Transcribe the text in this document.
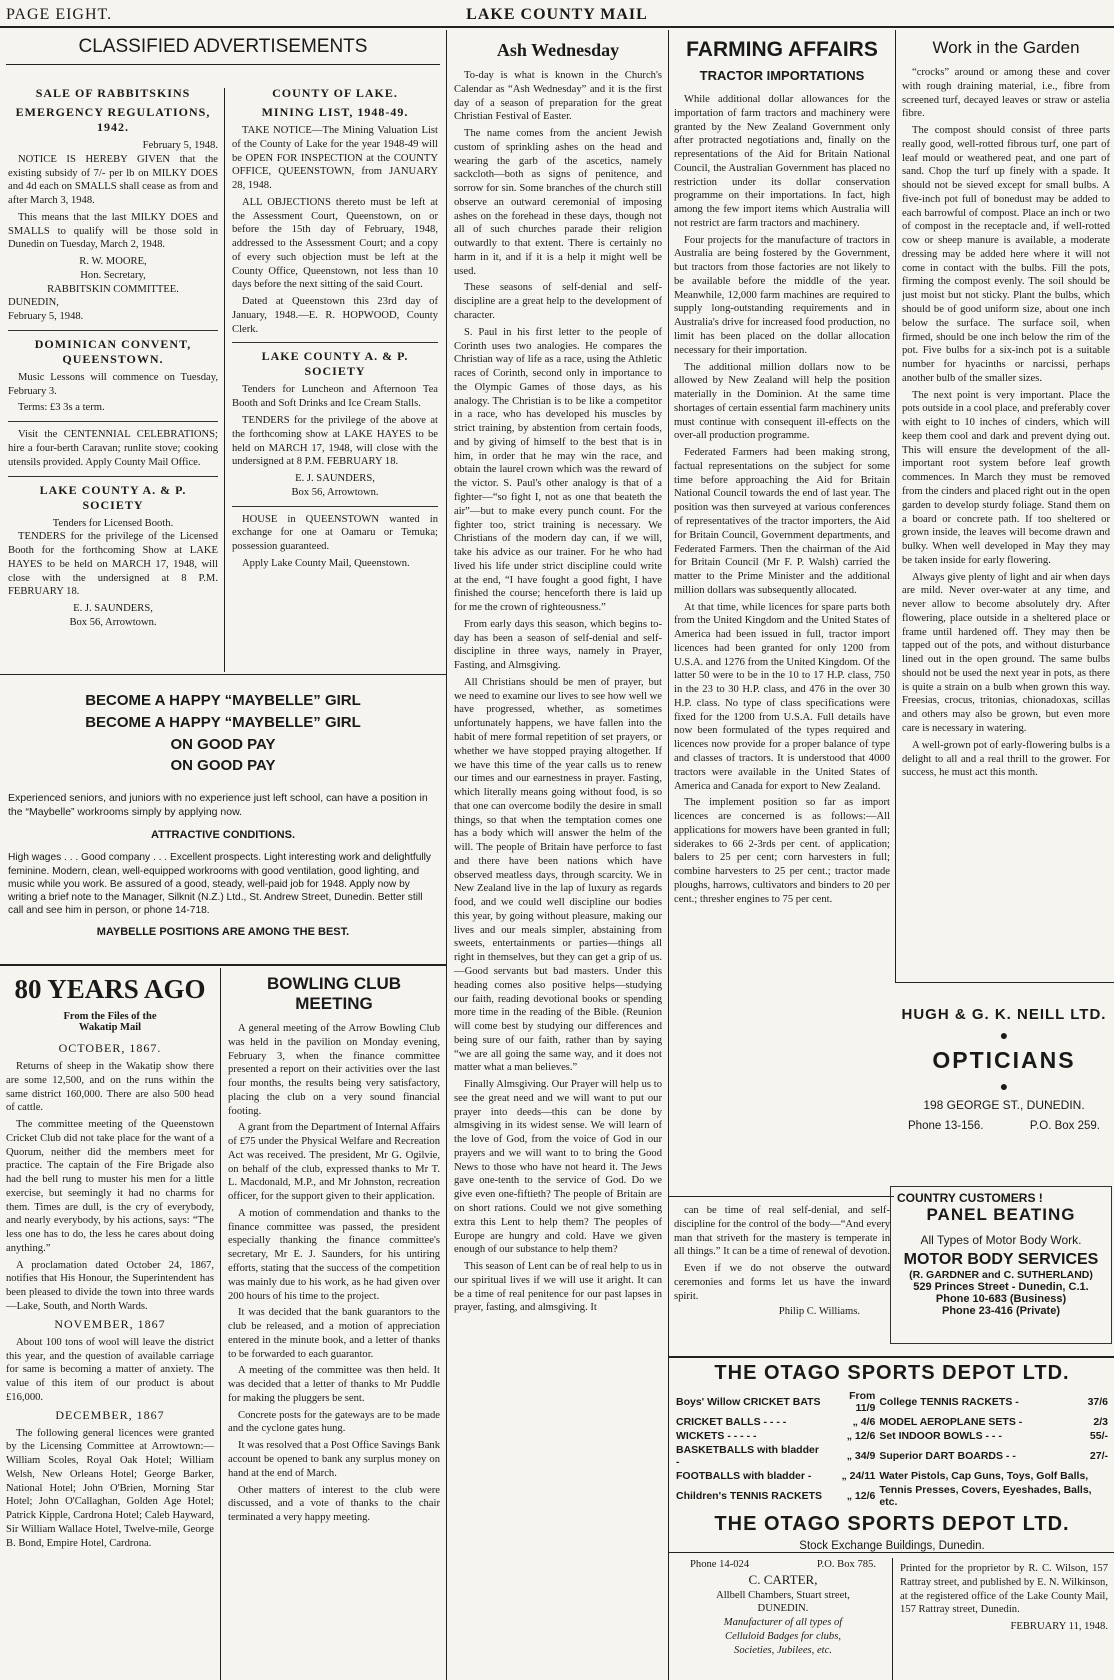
PAGE EIGHT.	LAKE COUNTY MAIL
CLASSIFIED ADVERTISEMENTS
SALE OF RABBITSKINS
EMERGENCY REGULATIONS, 1942.
February 5, 1948.
NOTICE IS HEREBY GIVEN that the existing subsidy of 7/- per lb on MILKY DOES and 4d each on SMALLS shall cease as from and after March 3, 1948.
This means that the last MILKY DOES and SMALLS to qualify will be those sold in Dunedin on Tuesday, March 2, 1948.
R. W. MOORE,
Hon. Secretary,
RABBITSKIN COMMITTEE.
DUNEDIN,
February 5, 1948.
DOMINICAN CONVENT, QUEENSTOWN.
Music Lessons will commence on Tuesday, February 3.
Terms: £3 3s a term.
Visit the CENTENNIAL CELEBRATIONS; hire a four-berth Caravan; runlite stove; cooking utensils provided. Apply County Mail Office.
LAKE COUNTY A. & P. SOCIETY
Tenders for Licensed Booth.
TENDERS for the privilege of the Licensed Booth for the forthcoming Show at LAKE HAYES to be held on MARCH 17, 1948, will close with the undersigned at 8 P.M. FEBRUARY 18.
E. J. SAUNDERS,
Box 56, Arrowtown.
COUNTY OF LAKE.
MINING LIST, 1948-49.
TAKE NOTICE—The Mining Valuation List of the County of Lake for the year 1948-49 will be OPEN FOR INSPECTION at the COUNTY OFFICE, QUEENSTOWN, from JANUARY 28, 1948.
ALL OBJECTIONS thereto must be left at the Assessment Court, Queenstown, on or before the 15th day of February, 1948, addressed to the Assessment Court; and a copy of every such objection must be left at the County Office, Queenstown, not less than 10 days before the next sitting of the said Court.
Dated at Queenstown this 23rd day of January, 1948.—E. R. HOPWOOD, County Clerk.
LAKE COUNTY A. & P. SOCIETY
Tenders for Luncheon and Afternoon Tea Booth and Soft Drinks and Ice Cream Stalls.
TENDERS for the privilege of the above at the forthcoming show at LAKE HAYES to be held on MARCH 17, 1948, will close with the undersigned at 8 P.M. FEBRUARY 18.
E. J. SAUNDERS,
Box 56, Arrowtown.
HOUSE in QUEENSTOWN wanted in exchange for one at Oamaru or Temuka; possession guaranteed.
Apply Lake County Mail, Queenstown.
BECOME A HAPPY “MAYBELLE” GIRL
BECOME A HAPPY “MAYBELLE” GIRL
ON GOOD PAY
ON GOOD PAY
Experienced seniors, and juniors with no experience just left school, can have a position in the “Maybelle” workrooms simply by applying now.
ATTRACTIVE CONDITIONS.
High wages . . . Good company . . . Excellent prospects. Light interesting work and delightfully feminine. Modern, clean, well-equipped workrooms with good ventilation, good lighting, and music while you work. Be assured of a good, steady, well-paid job for 1948. Apply now by writing a brief note to the Manager, Silknit (N.Z.) Ltd., St. Andrew Street, Dunedin. Better still call and see him in person, or phone 14-718.
MAYBELLE POSITIONS ARE AMONG THE BEST.
80 YEARS AGO
From the Files of the Wakatip Mail
OCTOBER, 1867.
Returns of sheep in the Wakatip show there are some 12,500, and on the runs within the same district 160,000. There are also 500 head of cattle.
The committee meeting of the Queenstown Cricket Club did not take place for the want of a Quorum, neither did the members meet for practice. The captain of the Fire Brigade also had the bell rung to muster his men for a little exercise, but seemingly it had no charms for them. Times are dull, is the cry of everybody, and nearly everybody, by his actions, says: “The less one has to do, the less he cares about doing anything.”
A proclamation dated October 24, 1867, notifies that His Honour, the Superintendent has been pleased to divide the town into three wards—Lake, South, and North Wards.
NOVEMBER, 1867
About 100 tons of wool will leave the district this year, and the question of available carriage for same is becoming a matter of anxiety. The value of this item of our product is about £16,000.
DECEMBER, 1867
The following general licences were granted by the Licensing Committee at Arrowtown:—William Scoles, Royal Oak Hotel; William Welsh, New Orleans Hotel; George Barker, National Hotel; John O'Brien, Morning Star Hotel; John O'Callaghan, Golden Age Hotel; Patrick Kipple, Cardrona Hotel; Caleb Hayward, Sir William Wallace Hotel, Twelve-mile, George B. Bond, Empire Hotel, Cardrona.
BOWLING CLUB MEETING
A general meeting of the Arrow Bowling Club was held in the pavilion on Monday evening, February 3, when the finance committee presented a report on their activities over the last four months, the results being very satisfactory, placing the club on a very sound financial footing.
A grant from the Department of Internal Affairs of £75 under the Physical Welfare and Recreation Act was received. The president, Mr G. Ogilvie, on behalf of the club, expressed thanks to Mr T. L. Macdonald, M.P., and Mr Johnston, recreation officer, for the support given to their application.
A motion of commendation and thanks to the finance committee was passed, the president especially thanking the finance committee's secretary, Mr E. J. Saunders, for his untiring efforts, stating that the success of the competition was mainly due to his work, as he had given over 200 hours of his time to the project.
It was decided that the bank guarantors to the club be released, and a motion of appreciation entered in the minute book, and a letter of thanks to be forwarded to each guarantor.
A meeting of the committee was then held. It was decided that a letter of thanks to Mr Puddle for making the pluggers be sent.
Concrete posts for the gateways are to be made and the cyclone gates hung.
It was resolved that a Post Office Savings Bank account be opened to bank any surplus money on hand at the end of March.
Other matters of interest to the club were discussed, and a vote of thanks to the chair terminated a very happy meeting.
Ash Wednesday
To-day is what is known in the Church's Calendar as “Ash Wednesday” and it is the first day of a season of preparation for the great Christian Festival of Easter.
The name comes from the ancient Jewish custom of sprinkling ashes on the head and wearing the garb of the ascetics, namely sackcloth—both as signs of penitence, and sorrow for sin. Some branches of the church still observe an outward ceremonial of imposing ashes on the forehead in these days, though not all of such churches parade their religion outwardly to that extent. There is certainly no harm in it, and if it is a help it might well be used.
These seasons of self-denial and self-discipline are a great help to the development of character.
S. Paul in his first letter to the people of Corinth uses two analogies. He compares the Christian way of life as a race, using the Athletic races of Corinth, second only in importance to the Olympic Games of those days, as his analogy. The Christian is to be like a competitor in a race, who has developed his muscles by strict training, by abstention from certain foods, and by giving of himself to the best that is in him, in order that he may win the race, and obtain the laurel crown which was the reward of the victor. S. Paul's other analogy is that of a fighter—“so fight I, not as one that beateth the air”—but to make every punch count. For the fighter too, strict training is necessary. We Christians of the modern day can, if we will, take his advice as our trainer. For he who had lived his life under strict discipline could write at the end, “I have fought a good fight, I have finished the course; henceforth there is laid up for me the crown of righteousness.”
From early days this season, which begins to-day has been a season of self-denial and self-discipline in three ways, namely in Prayer, Fasting, and Almsgiving.
All Christians should be men of prayer, but we need to examine our lives to see how well we have progressed, whether, as sometimes unfortunately happens, we have fallen into the habit of mere formal repetition of set prayers, or whether we have stopped praying altogether. If we have this time of the year calls us to renew our times and our earnestness in prayer. Fasting, which literally means going without food, is so that one can overcome bodily the desire in small things, so that when the temptation comes one has a body which will answer the helm of the will. The people of Britain have perforce to fast and there have been nations which have observed meatless days, through scarcity. We in New Zealand live in the lap of luxury as regards food, and we could well discipline our bodies this year, by going without pleasure, making our lives and our meals simpler, abstaining from sweets, entertainments or parties—things all right in themselves, but they can get a grip of us.—Good servants but bad masters. Under this heading comes also positive helps—studying our faith, reading devotional books or spending more time in the reading of the Bible. (Reunion will come best by studying our differences and being sure of our faith, rather than by saying “we are all going the same way, and it does not matter what a man believes.”
Finally Almsgiving. Our Prayer will help us to see the great need and we will want to put our prayer into deeds—this can be done by almsgiving in its widest sense. We will learn of the love of God, from the voice of God in our prayers and we will want to to bring the Good News to those who have not heard it. The Jews gave one-tenth to the service of God. Do we give even one-fiftieth? The people of Britain are on short rations. Could we not give something extra this Lent to help them? The peoples of Europe are hungry and cold. Have we given enough of our substance to help them?
This season of Lent can be of real help to us in our spiritual lives if we will use it aright. It can be a time of real penitence for our past lapses in prayer, fasting, and almsgiving. It
FARMING AFFAIRS
TRACTOR IMPORTATIONS
While additional dollar allowances for the importation of farm tractors and machinery were granted by the New Zealand Government only after protracted negotiations and, finally on the representations of the Aid for Britain National Council, the Australian Government has placed no restriction under its dollar conservation programme on their importations. In fact, high among the few import items which Australia will not restrict are farm tractors and machinery.
Four projects for the manufacture of tractors in Australia are being fostered by the Government, but tractors from those factories are not likely to be available before the middle of the year. Meanwhile, 12,000 farm machines are required to supply long-outstanding requirements and in Australia's drive for increased food production, no limit has been placed on the dollar allocation necessary for their importation.
The additional million dollars now to be allowed by New Zealand will help the position materially in the Dominion. At the same time shortages of certain essential farm machinery units must continue with consequent ill-effects on the over-all production programme.
Federated Farmers had been making strong, factual representations on the subject for some time before approaching the Aid for Britain National Council towards the end of last year. The position was then surveyed at various conferences of representatives of the tractor importers, the Aid for Britain Council, Government departments, and Federated Farmers. Then the chairman of the Aid for Britain Council (Mr F. P. Walsh) carried the matter to the Prime Minister and the additional million dollars was subsequently allocated.
At that time, while licences for spare parts both from the United Kingdom and the United States of America had been issued in full, tractor import licences had been granted for only 1200 from U.S.A. and 1276 from the United Kingdom. Of the latter 50 were to be in the 10 to 17 H.P. class, 750 in the 23 to 30 H.P. class, and 476 in the over 30 H.P. class. No type of class specifications were fixed for the 1200 from U.S.A. Full details have now been formulated of the types required and licences now provide for a proper balance of type and classes of tractors. It is understood that 4000 tractors were available in the United States of America and Canada for export to New Zealand.
The implement position so far as import licences are concerned is as follows:—All applications for mowers have been granted in full; siderakes to 66 2-3rds per cent. of application; balers to 25 per cent; corn harvesters in full; combine harvesters to 25 per cent.; tractor made ploughs, harrows, cultivators and binders to 20 per cent.; thresher engines to 75 per cent.
can be time of real self-denial, and self-discipline for the control of the body—“And every man that striveth for the mastery is temperate in all things.” It can be a time of renewal of devotion.
Even if we do not observe the outward ceremonies and forms let us have the inward spirit.
Philip C. Williams.
Work in the Garden
“crocks” around or among these and cover with rough draining material, i.e., fibre from screened turf, decayed leaves or straw or astelia fibre.
The compost should consist of three parts really good, well-rotted fibrous turf, one part of leaf mould or weathered peat, and one part of sand. Chop the turf up finely with a spade. It should not be sieved except for small bulbs. A five-inch pot full of bonedust may be added to each barrowful of compost. Place an inch or two of compost in the receptacle and, if well-rotted cow or sheep manure is available, a moderate dressing may be added here where it will not come in contact with the bulbs. Fill the pots, firming the compost evenly. The soil should be just moist but not sticky. Plant the bulbs, which should be of good uniform size, about one inch below the surface. The surface soil, when firmed, should be one inch below the rim of the pot. Five bulbs for a six-inch pot is a suitable number for hyacinths or narcissi, perhaps another bulb of the smaller sizes.
The next point is very important. Place the pots outside in a cool place, and preferably cover with eight to 10 inches of cinders, which will keep them cool and dark and prevent dying out. This will ensure the development of the all-important root system before leaf growth commences. In March they must be removed from the cinders and placed right out in the open garden to develop sturdy foliage. Stand them on a board or concrete path. If too sheltered or grown inside, the leaves will become drawn and bulky. When well developed in May they may be taken inside for early flowering.
Always give plenty of light and air when days are mild. Never over-water at any time, and never allow to become absolutely dry. After flowering, place outside in a sheltered place or frame until hardened off. They may then be tapped out of the pots, and without disturbance lined out in the open ground. The same bulbs should not be used the next year in pots, as there is quite a strain on a bulb when grown this way. Freesias, crocus, tritonias, chionadoxas, scillas and others may also be grown, but even more care is necessary in watering.
A well-grown pot of early-flowering bulbs is a delight to all and a real thrill to the grower. For success, he must act this month.
HUGH & G. K. NEILL LTD.
●
OPTICIANS
●
198 GEORGE ST., DUNEDIN.
Phone 13-156.	P.O. Box 259.
COUNTRY CUSTOMERS !
PANEL BEATING
All Types of Motor Body Work.
MOTOR BODY SERVICES
(R. GARDNER and C. SUTHERLAND)
529 Princes Street - Dunedin, C.1.
Phone 10-683 (Business)
Phone 23-416 (Private)
THE OTAGO SPORTS DEPOT LTD.
Boys' Willow CRICKET BATS	From 11/9	College TENNIS RACKETS -	37/6
CRICKET BALLS - - - -	„ 4/6	MODEL AEROPLANE SETS -	2/3
WICKETS - - - - -	„ 12/6	Set INDOOR BOWLS - - -	55/-
BASKETBALLS with bladder -	„ 34/9	Superior DART BOARDS - -	27/-
FOOTBALLS with bladder -	„ 24/11	Water Pistols, Cap Guns, Toys, Golf Balls,	
Children's TENNIS RACKETS	„ 12/6	Tennis Presses, Covers, Eyeshades, Balls, etc.	
THE OTAGO SPORTS DEPOT LTD.
Stock Exchange Buildings, Dunedin.
Phone 14-024	P.O. Box 785.
C. CARTER,
Allbell Chambers, Stuart street,
DUNEDIN.
Manufacturer of all types of
Celluloid Badges for clubs,
Societies, Jubilees, etc.
Printed for the proprietor by R. C. Wilson, 157 Rattray street, and published by E. N. Wilkinson, at the registered office of the Lake County Mail, 157 Rattray street, Dunedin.
FEBRUARY 11, 1948.
